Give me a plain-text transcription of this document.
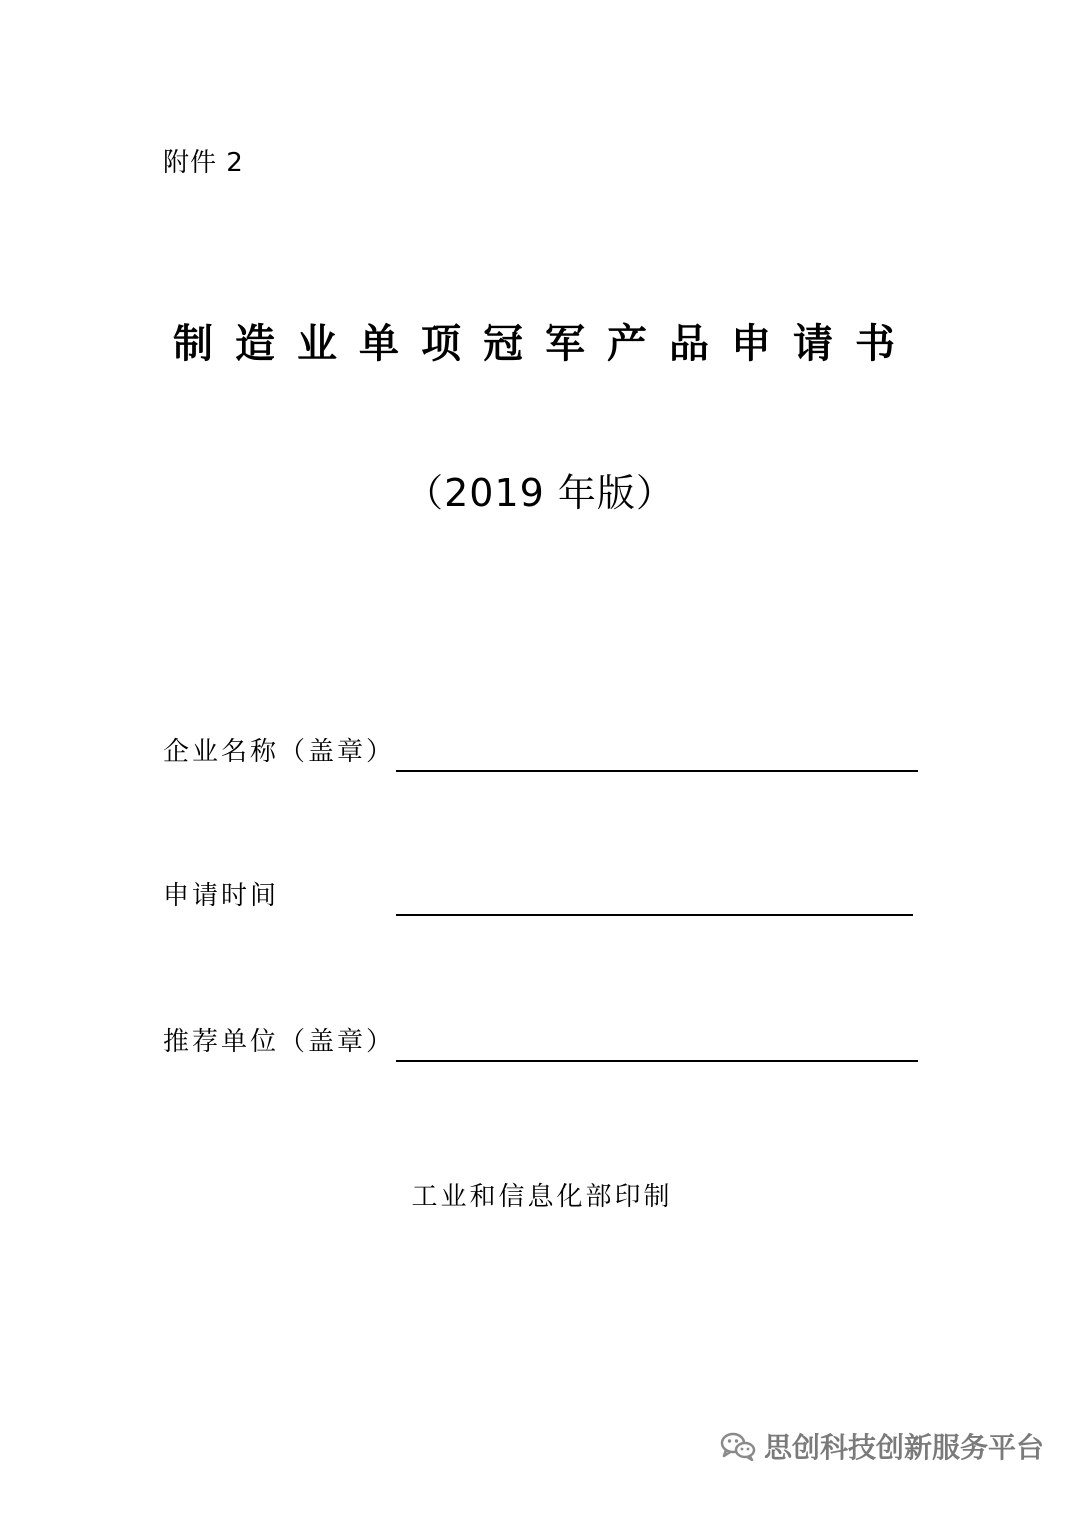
附件 2
制造业单项冠军产品申请书
（2019 年版）
企业名称（盖章）
申请时间
推荐单位（盖章）
工业和信息化部印制
思创科技创新服务平台
